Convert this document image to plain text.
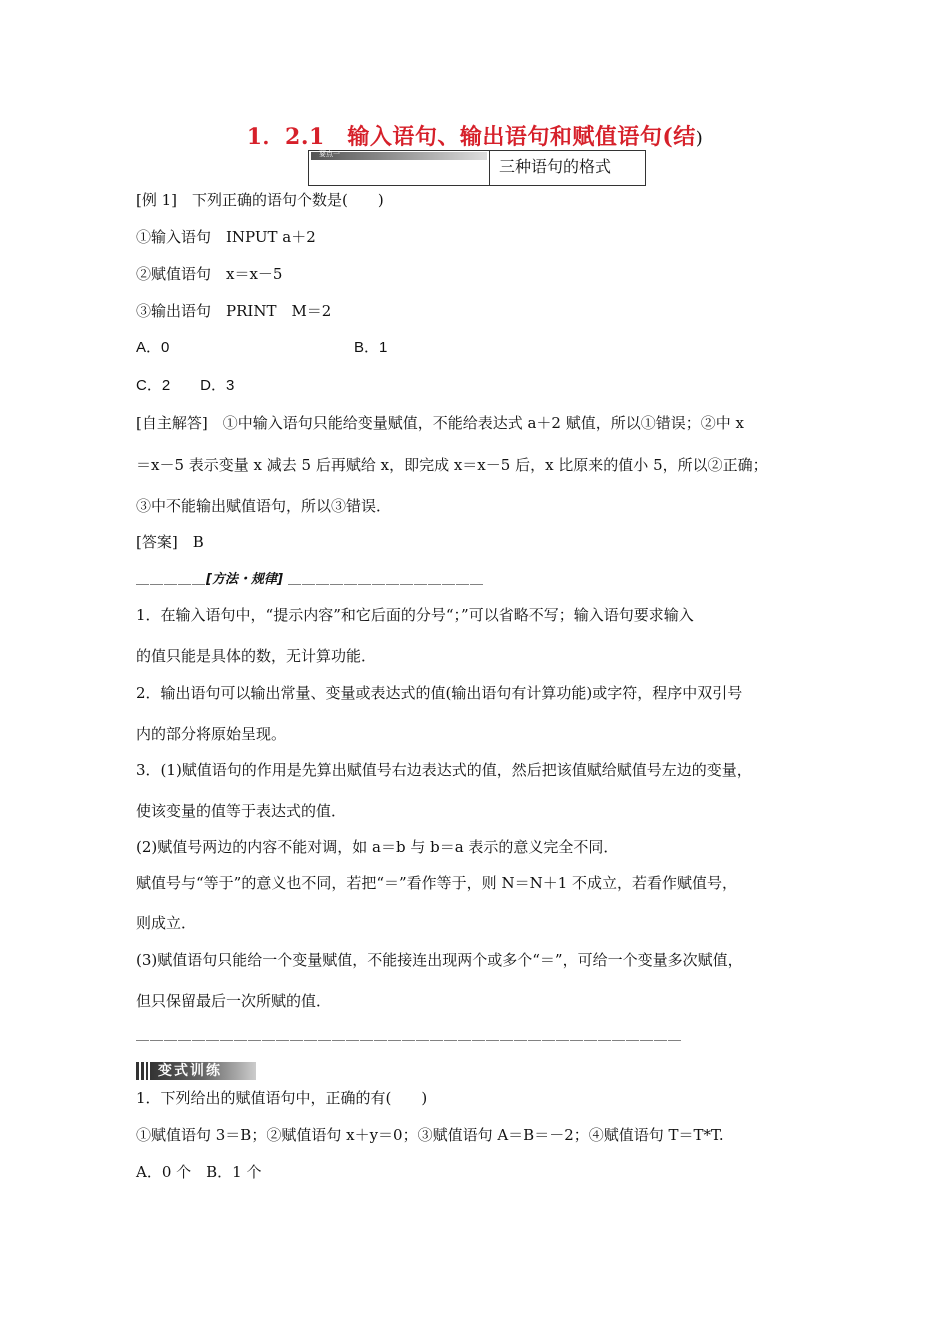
1．2.1　输入语句、输出语句和赋值语句(结)
要点一
三种语句的格式
[例 1]　下列正确的语句个数是(　　)
①输入语句　INPUT a＋2
②赋值语句　x＝x－5
③输出语句　PRINT　M＝2
A．0	B．1
C．2　　D．3
[自主解答]　①中输入语句只能给变量赋值，不能给表达式 a＋2 赋值，所以①错误；②中 x
＝x－5 表示变量 x 减去 5 后再赋给 x，即完成 x＝x－5 后，x 比原来的值小 5，所以②正确；
③中不能输出赋值语句，所以③错误．
[答案]　B
＿＿＿＿＿[方法・规律] ＿＿＿＿＿＿＿＿＿＿＿＿＿＿
1．在输入语句中，“提示内容”和它后面的分号“；”可以省略不写；输入语句要求输入
的值只能是具体的数，无计算功能．
2．输出语句可以输出常量、变量或表达式的值(输出语句有计算功能)或字符，程序中双引号
内的部分将原始呈现。
3．(1)赋值语句的作用是先算出赋值号右边表达式的值，然后把该值赋给赋值号左边的变量，
使该变量的值等于表达式的值．
(2)赋值号两边的内容不能对调，如 a＝b 与 b＝a 表示的意义完全不同．
赋值号与“等于”的意义也不同，若把“＝”看作等于，则 N＝N＋1 不成立，若看作赋值号，
则成立．
(3)赋值语句只能给一个变量赋值，不能接连出现两个或多个“＝”，可给一个变量多次赋值，
但只保留最后一次所赋的值．
＿＿＿＿＿＿＿＿＿＿＿＿＿＿＿＿＿＿＿＿＿＿＿＿＿＿＿＿＿＿＿＿＿＿＿＿＿＿＿
变式训练
1．下列给出的赋值语句中，正确的有(　　)
①赋值语句 3＝B；②赋值语句 x＋y＝0；③赋值语句 A＝B＝－2；④赋值语句 T＝T*T.
A．0 个　B．1 个
